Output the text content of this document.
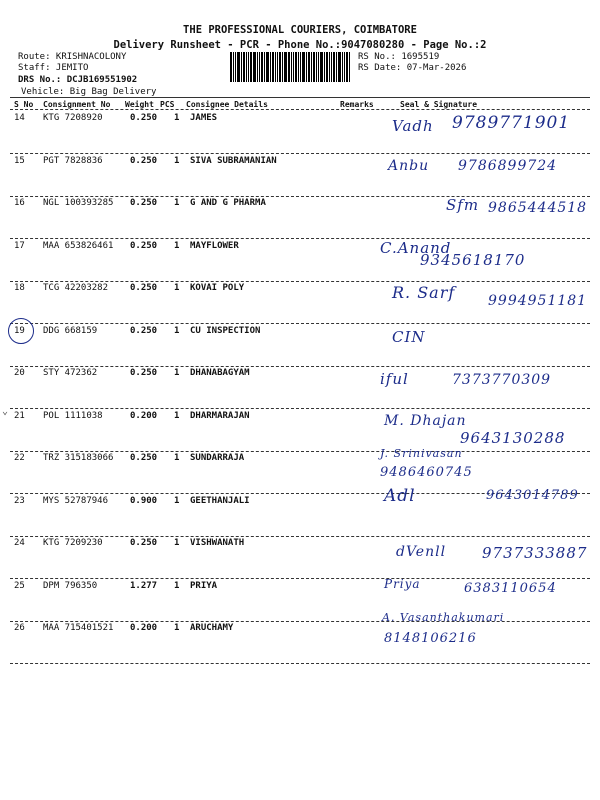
THE PROFESSIONAL COURIERS, COIMBATORE
Delivery Runsheet - PCR - Phone No.:9047080280 - Page No.:2
Route: KRISHNACOLONY
Staff: JEMITO
DRS No.: DCJB169551902
Vehicle: Big Bag Delivery
RS No.: 1695519
RS Date: 07-Mar-2026
S No Consignment No Weight PCS Consignee Details	Remarks	Seal & Signature
14 KTG 7208920	0.250 1 JAMES	Vadh 9789771901
15 PGT 7828836	0.250 1 SIVA SUBRAMANIAN	Anbu 9786899724
16 NGL 100393285 0.250 1 G AND G PHARMA	Sfm 9865444518
17 MAA 653826461 0.250 1 MAYFLOWER	C.Anand
9345618170
18 TCG 42203282 0.250 1 KOVAI POLY	R. Sarf 9994951181
19 DDG 668159	0.250 1 CU INSPECTION	CIN
20 STY 472362	0.250 1 DHANABAGYAM	iful	7373770309
21 POL 1111038	0.200 1 DHARMARAJAN	M. Dhajan
9643130288
22 TRZ 315183066 0.250 1 SUNDARRAJA	J. Srinivasan
9486460745
23 MYS 52787946 0.900 1 GEETHANJALI	Adl	9643014789
24 KTG 7209230	0.250 1 VISHWANATH
dVenll 9737333887
25 DPM 796350	1.277 1 PRIYA	Priya	6383110654
26 MAA 715401521 0.200 1 ARUCHAMY
A. Vasanthakumari
8148106216
⌄
